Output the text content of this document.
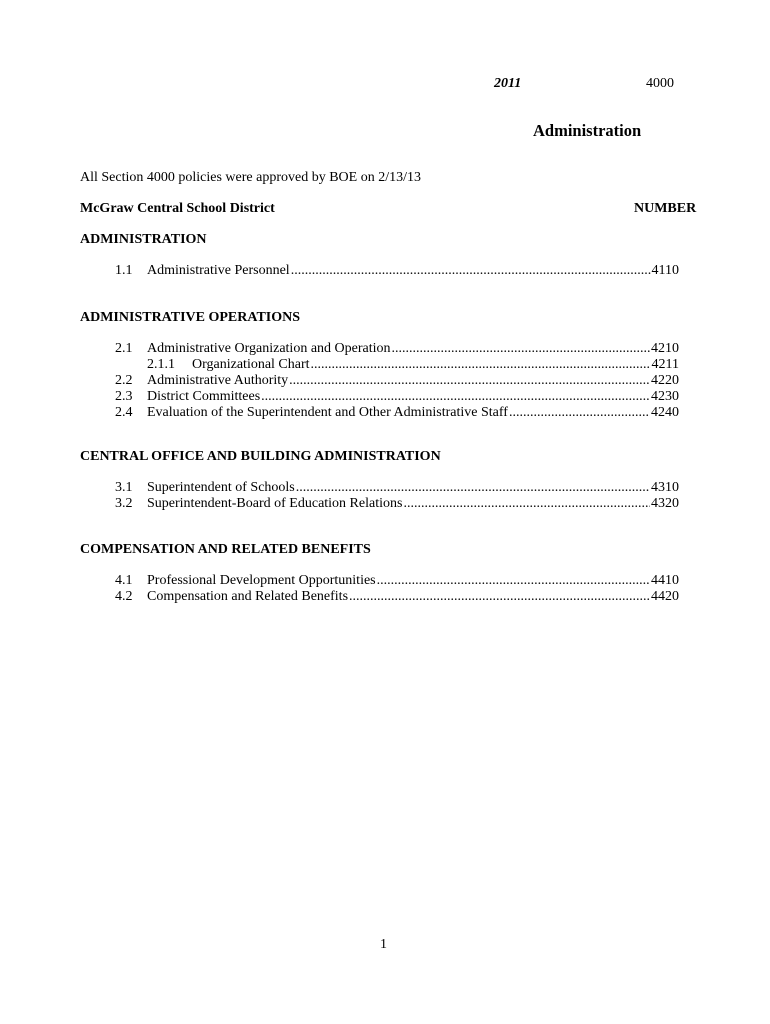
2011	4000
Administration
All Section 4000 policies were approved by BOE on 2/13/13
McGraw Central School District	NUMBER
ADMINISTRATION
1.1	Administrative Personnel .....	4110
ADMINISTRATIVE OPERATIONS
2.1	Administrative Organization and Operation .....	4210
2.1.1	Organizational Chart .....	4211
2.2	Administrative Authority .....	4220
2.3	District Committees .....	4230
2.4	Evaluation of the Superintendent and Other Administrative Staff .....	4240
CENTRAL OFFICE AND BUILDING ADMINISTRATION
3.1	Superintendent of Schools .....	4310
3.2	Superintendent-Board of Education Relations .....	4320
COMPENSATION AND RELATED BENEFITS
4.1	Professional Development Opportunities .....	4410
4.2	Compensation and Related Benefits .....	4420
1
